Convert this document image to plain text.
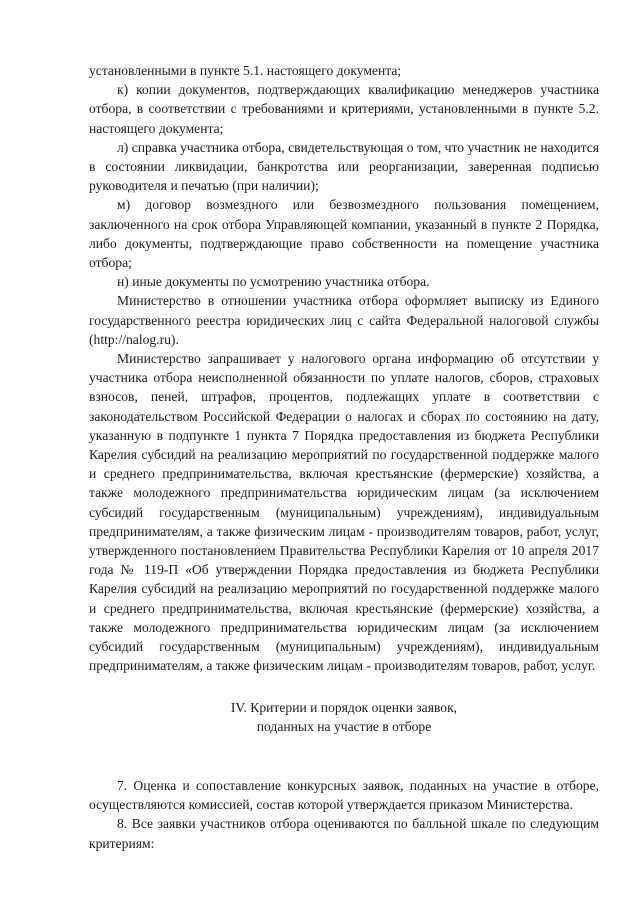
установленными в пункте 5.1. настоящего документа;

к) копии документов, подтверждающих квалификацию менеджеров участника отбора, в соответствии с требованиями и критериями, установленными в пункте 5.2. настоящего документа;

л) справка участника отбора, свидетельствующая о том, что участник не находится в состоянии ликвидации, банкротства или реорганизации, заверенная подписью руководителя и печатью (при наличии);

м) договор возмездного или безвозмездного пользования помещением, заключенного на срок отбора Управляющей компании, указанный в пункте 2 Порядка, либо документы, подтверждающие право собственности на помещение участника отбора;

н) иные документы по усмотрению участника отбора.

Министерство в отношении участника отбора оформляет выписку из Единого государственного реестра юридических лиц с сайта Федеральной налоговой службы (http://nalog.ru).

Министерство запрашивает у налогового органа информацию об отсутствии у участника отбора неисполненной обязанности по уплате налогов, сборов, страховых взносов, пеней, штрафов, процентов, подлежащих уплате в соответствии с законодательством Российской Федерации о налогах и сборах по состоянию на дату, указанную в подпункте 1 пункта 7 Порядка предоставления из бюджета Республики Карелия субсидий на реализацию мероприятий по государственной поддержке малого и среднего предпринимательства, включая крестьянские (фермерские) хозяйства, а также молодежного предпринимательства юридическим лицам (за исключением субсидий государственным (муниципальным) учреждениям), индивидуальным предпринимателям, а также физическим лицам - производителям товаров, работ, услуг, утвержденного постановлением Правительства Республики Карелия от 10 апреля 2017 года № 119-П «Об утверждении Порядка предоставления из бюджета Республики Карелия субсидий на реализацию мероприятий по государственной поддержке малого и среднего предпринимательства, включая крестьянские (фермерские) хозяйства, а также молодежного предпринимательства юридическим лицам (за исключением субсидий государственным (муниципальным) учреждениям), индивидуальным предпринимателям, а также физическим лицам - производителям товаров, работ, услуг.

IV. Критерии и порядок оценки заявок,
поданных на участие в отборе

7. Оценка и сопоставление конкурсных заявок, поданных на участие в отборе, осуществляются комиссией, состав которой утверждается приказом Министерства.

8. Все заявки участников отбора оцениваются по балльной шкале по следующим критериям:
